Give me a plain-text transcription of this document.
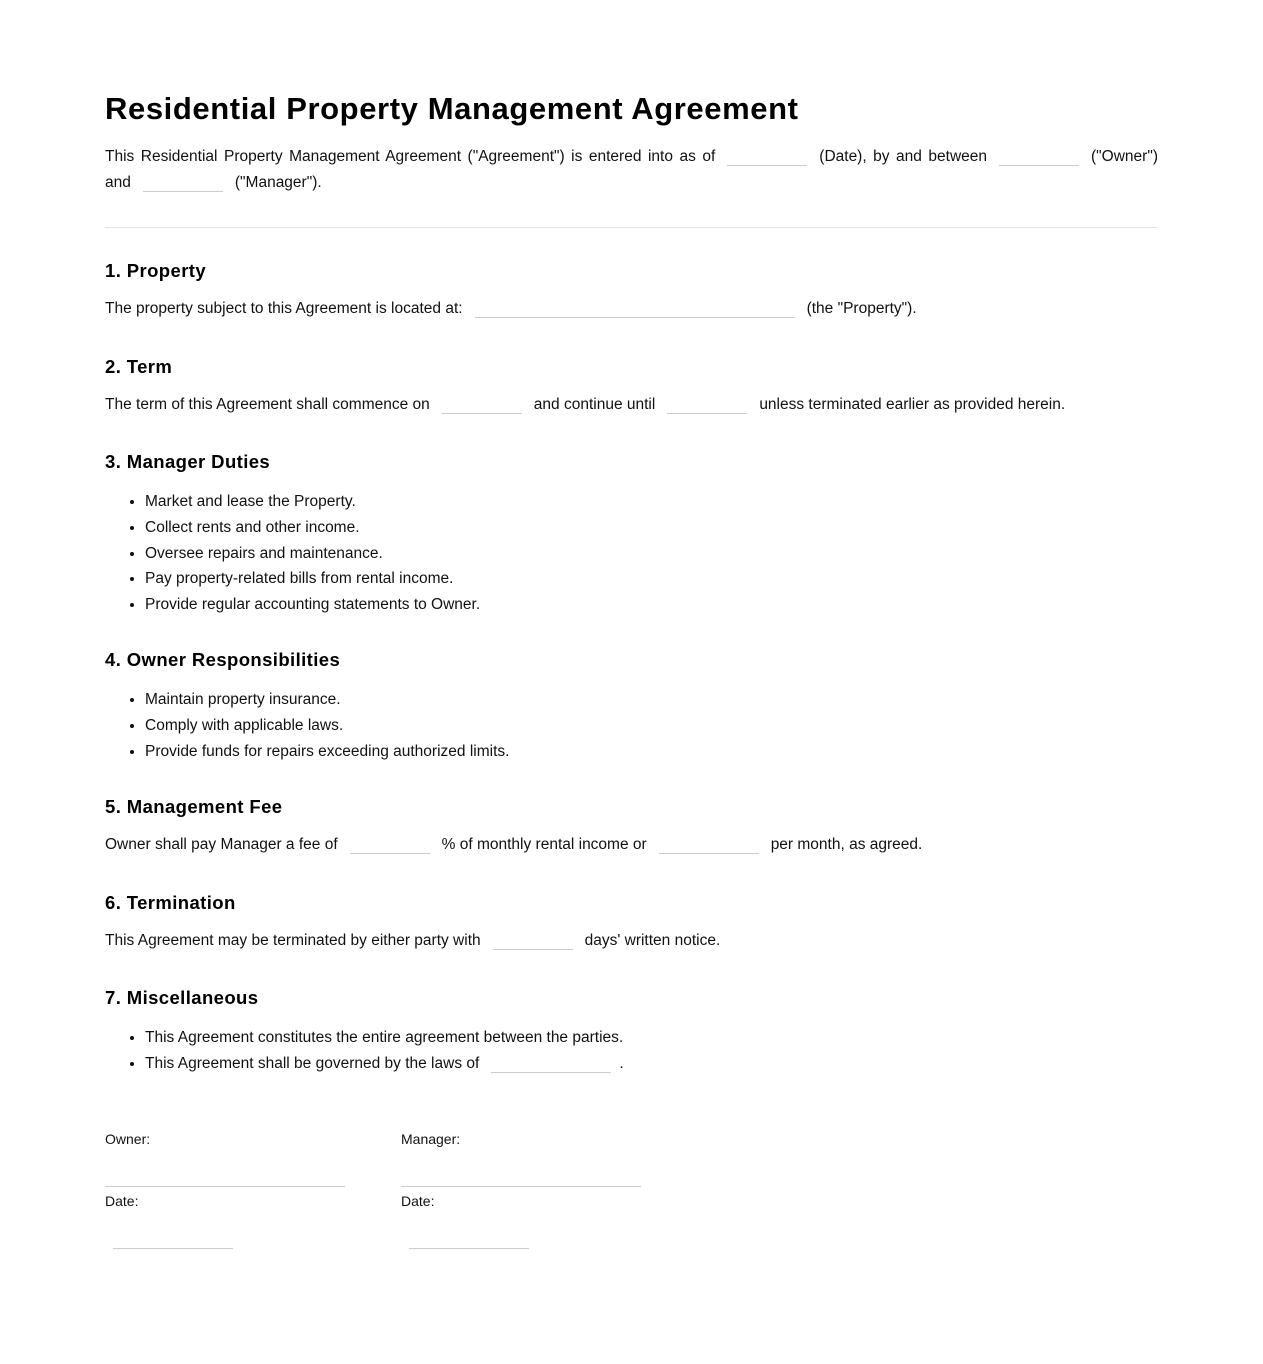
Residential Property Management Agreement
This Residential Property Management Agreement ("Agreement") is entered into as of	(Date), by and between	("Owner") and	("Manager").
1. Property
The property subject to this Agreement is located at:	(the "Property").
2. Term
The term of this Agreement shall commence on	and continue until	unless terminated earlier as provided herein.
3. Manager Duties
• Market and lease the Property.
• Collect rents and other income.
• Oversee repairs and maintenance.
• Pay property-related bills from rental income.
• Provide regular accounting statements to Owner.
4. Owner Responsibilities
• Maintain property insurance.
• Comply with applicable laws.
• Provide funds for repairs exceeding authorized limits.
5. Management Fee
Owner shall pay Manager a fee of	% of monthly rental income or	per month, as agreed.
6. Termination
This Agreement may be terminated by either party with	days' written notice.
7. Miscellaneous
• This Agreement constitutes the entire agreement between the parties.
• This Agreement shall be governed by the laws of	.
Owner:
Date:
Manager:
Date:
